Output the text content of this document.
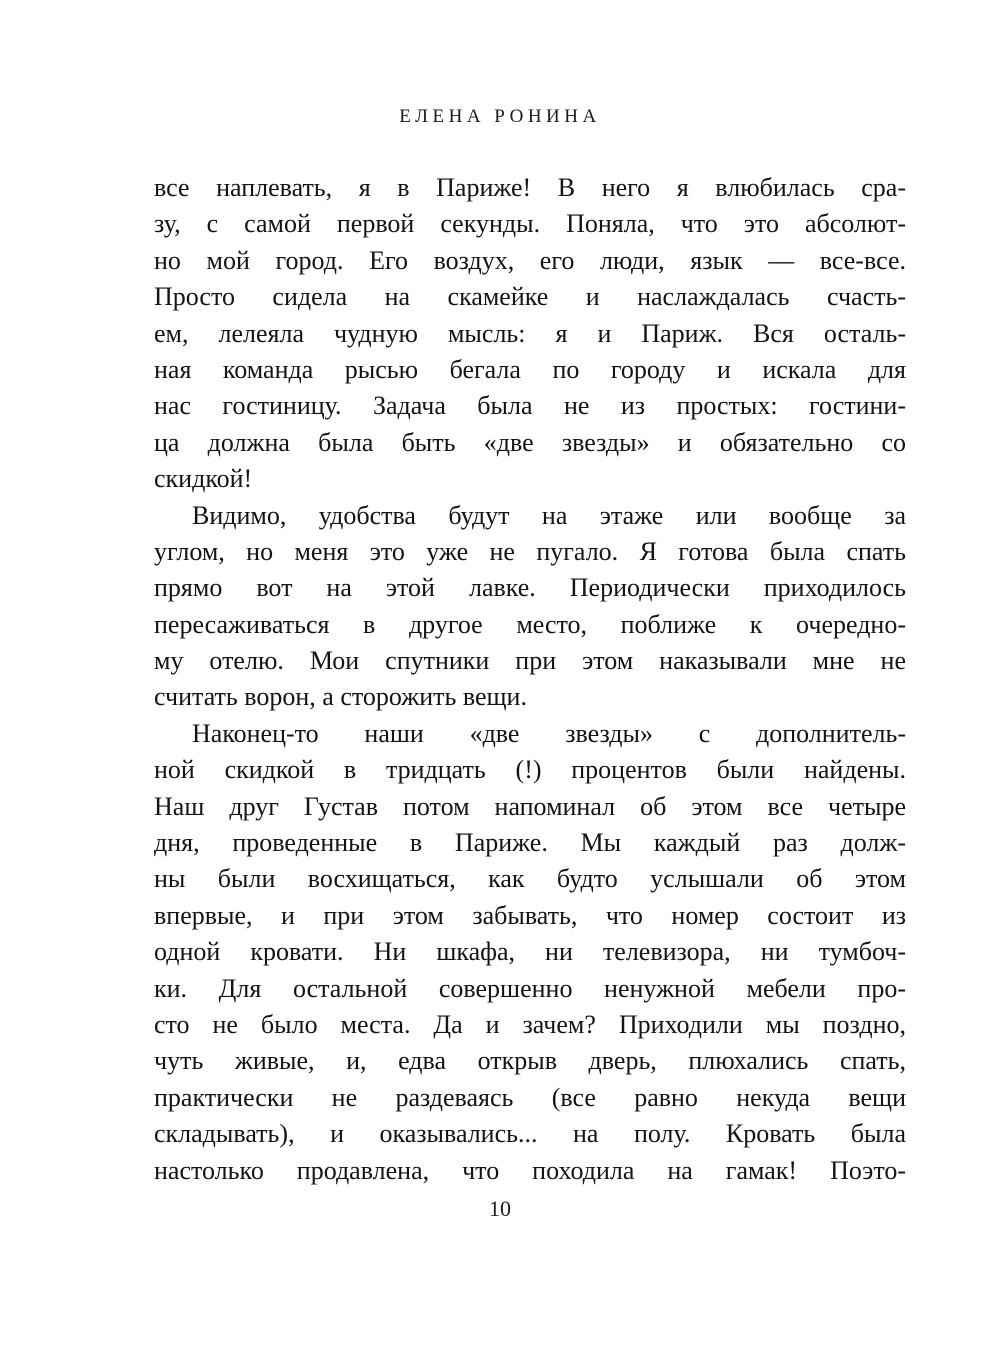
ЕЛЕНА РОНИНА
все наплевать, я в Париже! В него я влюбилась сра-
зу, с самой первой секунды. Поняла, что это абсолют-
но мой город. Его воздух, его люди, язык — все-все.
Просто сидела на скамейке и наслаждалась счасть-
ем, лелеяла чудную мысль: я и Париж. Вся осталь-
ная команда рысью бегала по городу и искала для
нас гостиницу. Задача была не из простых: гостини-
ца должна была быть «две звезды» и обязательно со
скидкой!
Видимо, удобства будут на этаже или вообще за
углом, но меня это уже не пугало. Я готова была спать
прямо вот на этой лавке. Периодически приходилось
пересаживаться в другое место, поближе к очередно-
му отелю. Мои спутники при этом наказывали мне не
считать ворон, а сторожить вещи.
Наконец-то наши «две звезды» с дополнитель-
ной скидкой в тридцать (!) процентов были найдены.
Наш друг Густав потом напоминал об этом все четыре
дня, проведенные в Париже. Мы каждый раз долж-
ны были восхищаться, как будто услышали об этом
впервые, и при этом забывать, что номер состоит из
одной кровати. Ни шкафа, ни телевизора, ни тумбоч-
ки. Для остальной совершенно ненужной мебели про-
сто не было места. Да и зачем? Приходили мы поздно,
чуть живые, и, едва открыв дверь, плюхались спать,
практически не раздеваясь (все равно некуда вещи
складывать), и оказывались... на полу. Кровать была
настолько продавлена, что походила на гамак! Поэто-
10
